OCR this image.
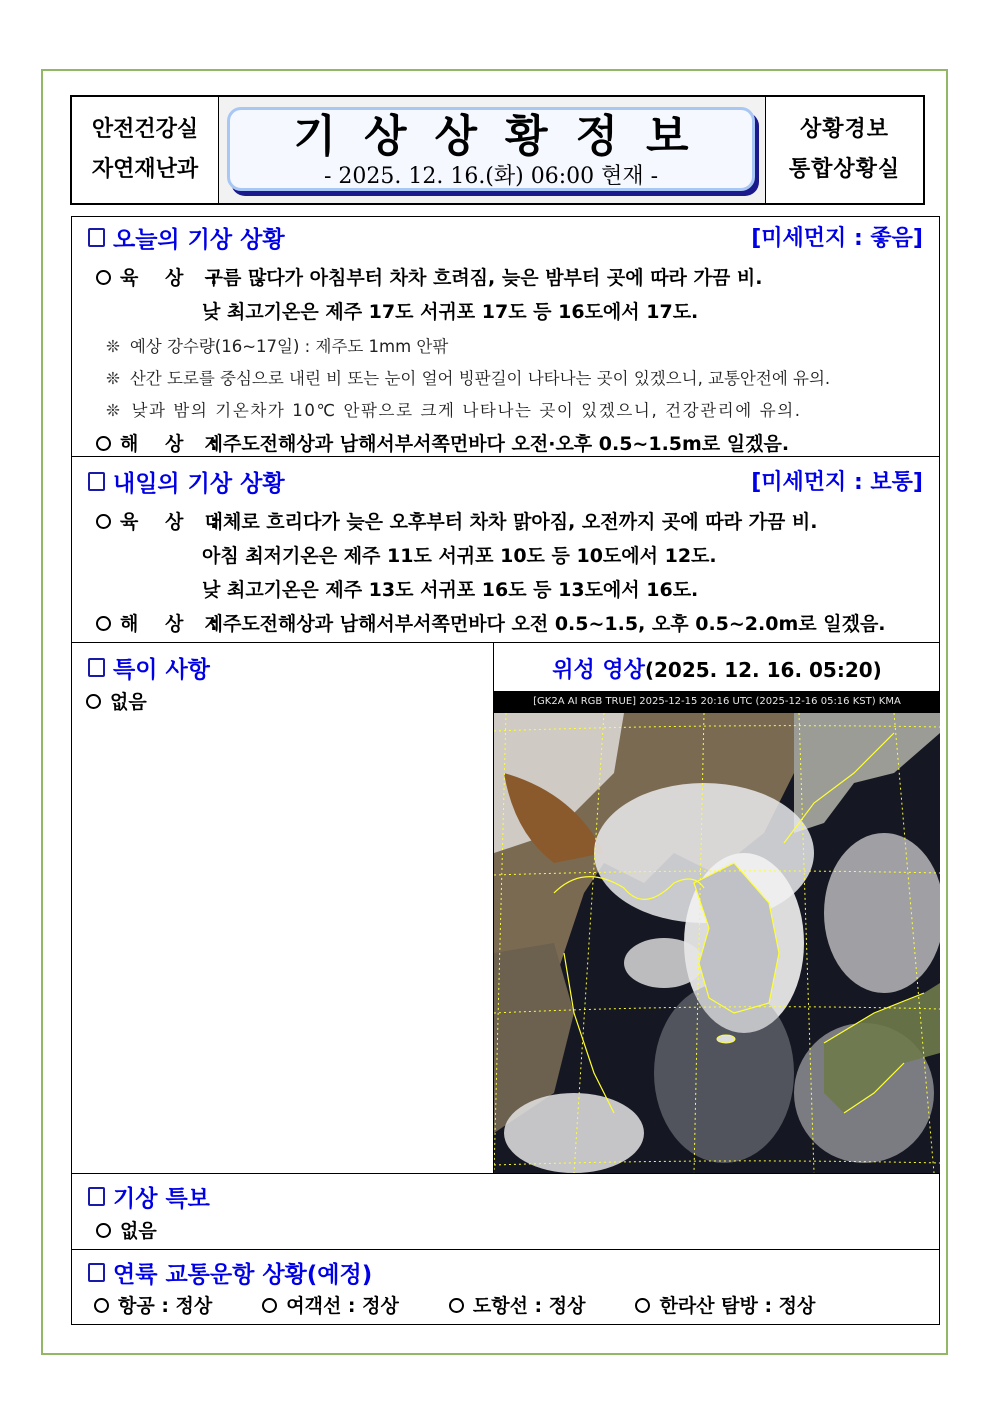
안전건강실
자연재난과
기상상황정보
- 2025. 12. 16.(화) 06:00 현재 -
상황경보
통합상황실
오늘의 기상 상황	[미세먼지 : 좋음]
육 상 : 구름 많다가 아침부터 차차 흐려짐, 늦은 밤부터 곳에 따라 가끔 비.
낮 최고기온은 제주 17도 서귀포 17도 등 16도에서 17도.
❊ 예상 강수량(16~17일) : 제주도 1mm 안팎
❊ 산간 도로를 중심으로 내린 비 또는 눈이 얼어 빙판길이 나타나는 곳이 있겠으니, 교통안전에 유의.
❊ 낮과 밤의 기온차가 10℃ 안팎으로 크게 나타나는 곳이 있겠으니, 건강관리에 유의.
해 상 : 제주도전해상과 남해서부서쪽먼바다 오전·오후 0.5~1.5m로 일겠음.
내일의 기상 상황	[미세먼지 : 보통]
육 상 : 대체로 흐리다가 늦은 오후부터 차차 맑아짐, 오전까지 곳에 따라 가끔 비.
아침 최저기온은 제주 11도 서귀포 10도 등 10도에서 12도.
낮 최고기온은 제주 13도 서귀포 16도 등 13도에서 16도.
해 상 : 제주도전해상과 남해서부서쪽먼바다 오전 0.5~1.5, 오후 0.5~2.0m로 일겠음.
특이 사항
없음
위성 영상(2025. 12. 16. 05:20)
[GK2A AI RGB TRUE] 2025-12-15 20:16 UTC (2025-12-16 05:16 KST) KMA
기상 특보
없음
연륙 교통운항 상황(예정)
항공 : 정상	여객선 : 정상	도항선 : 정상	한라산 탐방 : 정상
